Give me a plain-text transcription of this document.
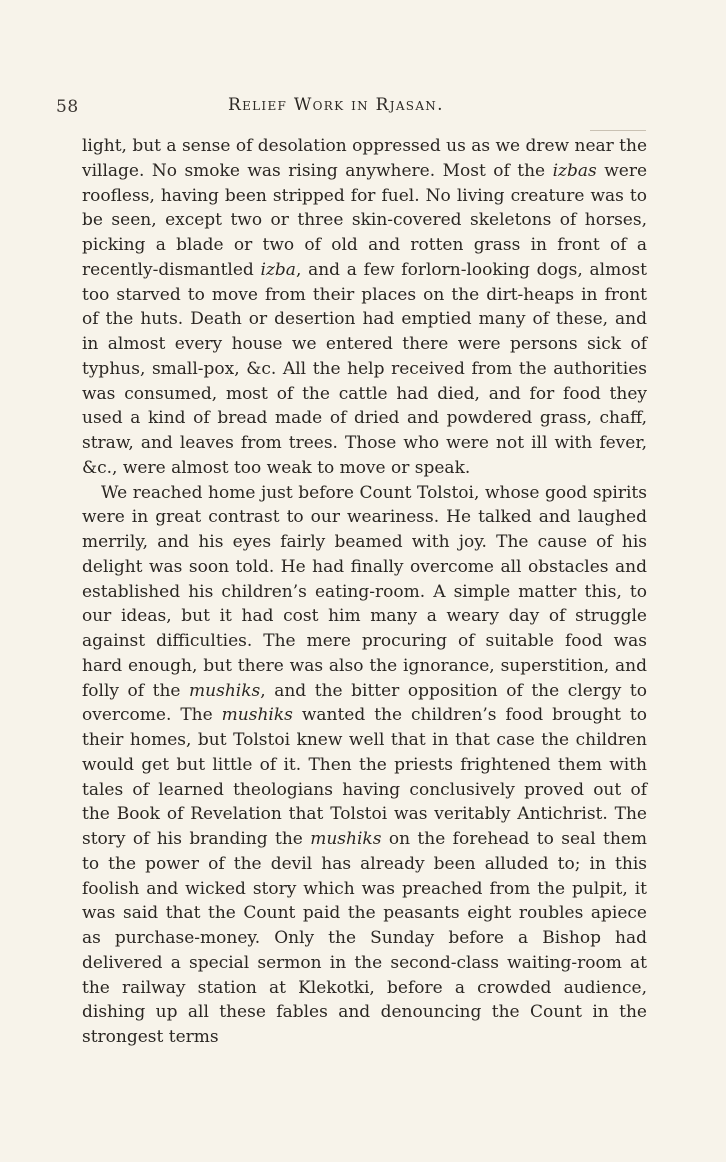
58	Relief Work in Rjasan.

light, but a sense of desolation oppressed us as we drew near the village. No smoke was rising anywhere. Most of the izbas were roofless, having been stripped for fuel. No living creature was to be seen, except two or three skin-covered skeletons of horses, picking a blade or two of old and rotten grass in front of a recently-dismantled izba, and a few forlorn-looking dogs, almost too starved to move from their places on the dirt-heaps in front of the huts. Death or desertion had emptied many of these, and in almost every house we entered there were persons sick of typhus, small-pox, &c. All the help received from the authorities was consumed, most of the cattle had died, and for food they used a kind of bread made of dried and powdered grass, chaff, straw, and leaves from trees. Those who were not ill with fever, &c., were almost too weak to move or speak.

We reached home just before Count Tolstoi, whose good spirits were in great contrast to our weariness. He talked and laughed merrily, and his eyes fairly beamed with joy. The cause of his delight was soon told. He had finally overcome all obstacles and established his children’s eating-room. A simple matter this, to our ideas, but it had cost him many a weary day of struggle against difficulties. The mere procuring of suitable food was hard enough, but there was also the ignorance, superstition, and folly of the mushiks, and the bitter opposition of the clergy to overcome. The mushiks wanted the children’s food brought to their homes, but Tolstoi knew well that in that case the children would get but little of it. Then the priests frightened them with tales of learned theologians having conclusively proved out of the Book of Revelation that Tolstoi was veritably Antichrist. The story of his branding the mushiks on the forehead to seal them to the power of the devil has already been alluded to; in this foolish and wicked story which was preached from the pulpit, it was said that the Count paid the peasants eight roubles apiece as purchase-money. Only the Sunday before a Bishop had delivered a special sermon in the second-class waiting-room at the railway station at Klekotki, before a crowded audience, dishing up all these fables and denouncing the Count in the strongest terms
